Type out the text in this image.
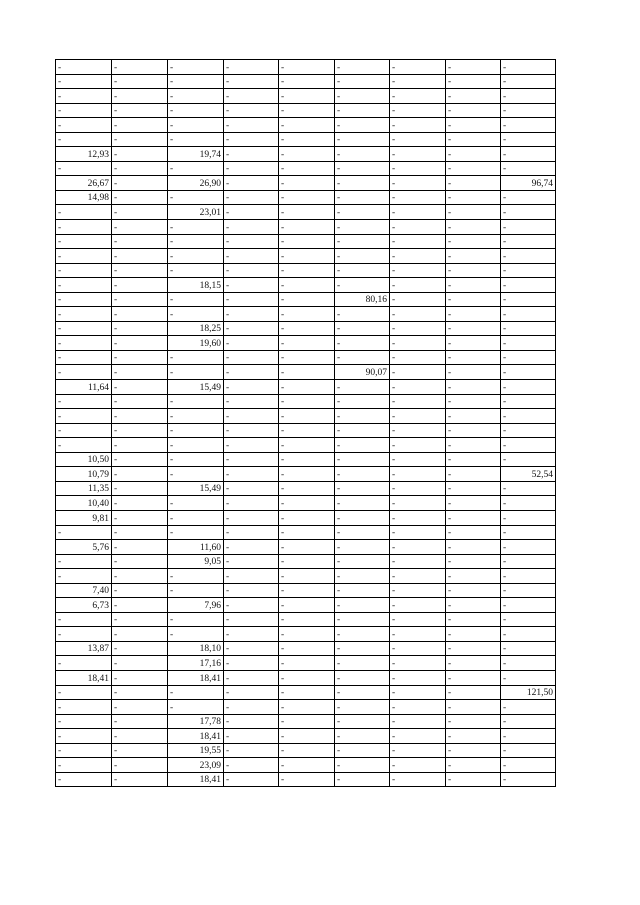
-	-	-	-	-	-	-	-	-
-	-	-	-	-	-	-	-	-
-	-	-	-	-	-	-	-	-
-	-	-	-	-	-	-	-	-
-	-	-	-	-	-	-	-	-
-	-	-	-	-	-	-	-	-
12,93	-	19,74	-	-	-	-	-	-
-	-	-	-	-	-	-	-	-
26,67	-	26,90	-	-	-	-	-	96,74
14,98	-	-	-	-	-	-	-	-
-	-	23,01	-	-	-	-	-	-
-	-	-	-	-	-	-	-	-
-	-	-	-	-	-	-	-	-
-	-	-	-	-	-	-	-	-
-	-	-	-	-	-	-	-	-
-	-	18,15	-	-	-	-	-	-
-	-	-	-	-	80,16	-	-	-
-	-	-	-	-	-	-	-	-
-	-	18,25	-	-	-	-	-	-
-	-	19,60	-	-	-	-	-	-
-	-	-	-	-	-	-	-	-
-	-	-	-	-	90,07	-	-	-
11,64	-	15,49	-	-	-	-	-	-
-	-	-	-	-	-	-	-	-
-	-	-	-	-	-	-	-	-
-	-	-	-	-	-	-	-	-
-	-	-	-	-	-	-	-	-
10,50	-	-	-	-	-	-	-	-
10,79	-	-	-	-	-	-	-	52,54
11,35	-	15,49	-	-	-	-	-	-
10,40	-	-	-	-	-	-	-	-
9,81	-	-	-	-	-	-	-	-
-	-	-	-	-	-	-	-	-
5,76	-	11,60	-	-	-	-	-	-
-	-	9,05	-	-	-	-	-	-
-	-	-	-	-	-	-	-	-
7,40	-	-	-	-	-	-	-	-
6,73	-	7,96	-	-	-	-	-	-
-	-	-	-	-	-	-	-	-
-	-	-	-	-	-	-	-	-
13,87	-	18,10	-	-	-	-	-	-
-	-	17,16	-	-	-	-	-	-
18,41	-	18,41	-	-	-	-	-	-
-	-	-	-	-	-	-	-	121,50
-	-	-	-	-	-	-	-	-
-	-	17,78	-	-	-	-	-	-
-	-	18,41	-	-	-	-	-	-
-	-	19,55	-	-	-	-	-	-
-	-	23,09	-	-	-	-	-	-
-	-	18,41	-	-	-	-	-	-
